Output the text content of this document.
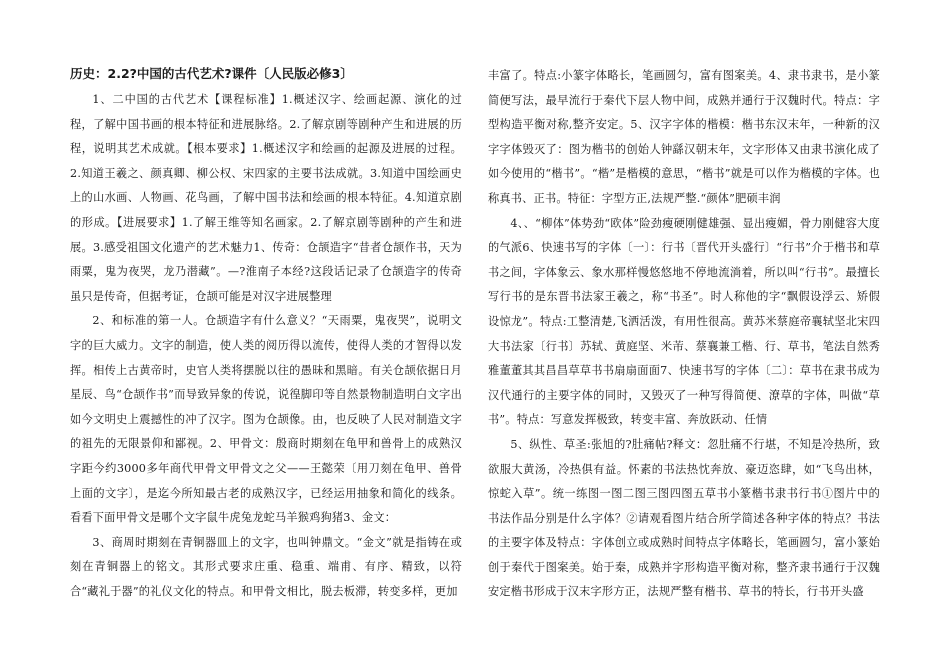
历史：2.2?中国的古代艺术?课件〔人民版必修3〕

1、二中国的古代艺术【课程标准】1.概述汉字、绘画起源、演化的过程，了解中国书画的根本特征和进展脉络。2.了解京剧等剧种产生和进展的历程，说明其艺术成就。【根本要求】1.概述汉字和绘画的起源及进展的过程。2.知道王羲之、颜真卿、柳公权、宋四家的主要书法成就。3.知道中国绘画史上的山水画、人物画、花鸟画，了解中国书法和绘画的根本特征。4.知道京剧的形成。【进展要求】1.了解王维等知名画家。2.了解京剧等剧种的产生和进展。3.感受祖国文化遗产的艺术魅力1、传奇：仓颉造字“昔者仓颉作书，天为雨粟，鬼为夜哭，龙乃潜藏”。—?淮南子本经?这段话记录了仓颉造字的传奇虽只是传奇，但据考证，仓颉可能是对汉字进展整理

2、和标准的第一人。仓颉造字有什么意义？“天雨粟，鬼夜哭”，说明文字的巨大威力。文字的制造，使人类的阅历得以流传，使得人类的才智得以发挥。相传上古黄帝时，史官人类将摆脱以往的愚昧和黑暗。有关仓颉依据日月星辰、鸟“仓颉作书”而导致异象的传说，说徨脚印等自然景物制造明白文字出如今文明史上震撼性的冲了汉字。图为仓颉像。由，也反映了人民对制造文字的祖先的无限景仰和鄙视。2、甲骨文：殷商时期刻在龟甲和兽骨上的成熟汉字距今约3000多年商代甲骨文甲骨文之父——王懿荣〔用刀刻在龟甲、兽骨上面的文字〕，是迄今所知最古老的成熟汉字，已经运用抽象和简化的线条。看看下面甲骨文是哪个文字鼠牛虎兔龙蛇马羊猴鸡狗猪3、金文：

3、商周时期刻在青铜器皿上的文字，也叫钟鼎文。“金文”就是指铸在或刻在青铜器上的铭文。其形式要求庄重、稳重、端甫、有序、精致，以符合“藏礼于器”的礼仪文化的特点。和甲骨文相比，脱去板滞，转变多样，更加

丰富了。特点:小篆字体略长，笔画圆匀，富有图案美。4、隶书隶书，是小篆简便写法，最早流行于秦代下层人物中间，成熟并通行于汉魏时代。特点：字型构造平衡对称,整齐安定。5、汉字字体的楷模：楷书东汉末年，一种新的汉字字体毁灭了：图为楷书的创始人钟繇汉朝末年，文字形体又由隶书演化成了如今使用的“楷书”。“楷”是楷模的意思，“楷书”就是可以作为楷模的字体。也称真书、正书。特征：字型方正,法规严整.“颜体”肥硕丰润

4、、“柳体”体势劲“欧体”险劲瘦硬刚健雄强、显出瘦媚，骨力刚健容大度的气派6、快速书写的字体〔一〕：行书〔晋代开头盛行〕“行书”介于楷书和草书之间，字体象云、象水那样慢悠悠地不停地流淌着，所以叫“行书”。最擅长写行书的是东晋书法家王羲之，称“书圣”。时人称他的字“飘假设浮云、矫假设惊龙”。特点:工整清楚,飞洒活泼，有用性很高。黄苏米蔡庭帝襄轼坚北宋四大书法家〔行书〕苏轼、黄庭坚、米芾、蔡襄兼工楷、行、草书，笔法自然秀雅董董其其昌昌草草书书扇扇面面7、快速书写的字体〔二〕：草书在隶书成为汉代通行的主要字体的同时，又毁灭了一种写得简便、潦草的字体，叫做“草书”。特点：写意发挥极致，转变丰富、奔放跃动、任情

5、纵性、草圣:张旭的?肚痛帖?释文：忽肚痛不行堪，不知是冷热所，致欲服大黄汤，冷热俱有益。怀素的书法热忱奔放、豪迈恣肆，如“飞鸟出林，惊蛇入草”。统一练图一图二图三图四图五草书小篆楷书隶书行书①图片中的书法作品分别是什么字体？②请观看图片结合所学简述各种字体的特点？书法的主要字体及特点：字体创立或成熟时间特点字体略长，笔画圆匀，富小篆始创于秦代于图案美。始于秦，成熟并字形构造平衡对称，整齐隶书通行于汉魏安定楷书形成于汉末字形方正，法规严整有楷书、草书的特长，行书开头盛
